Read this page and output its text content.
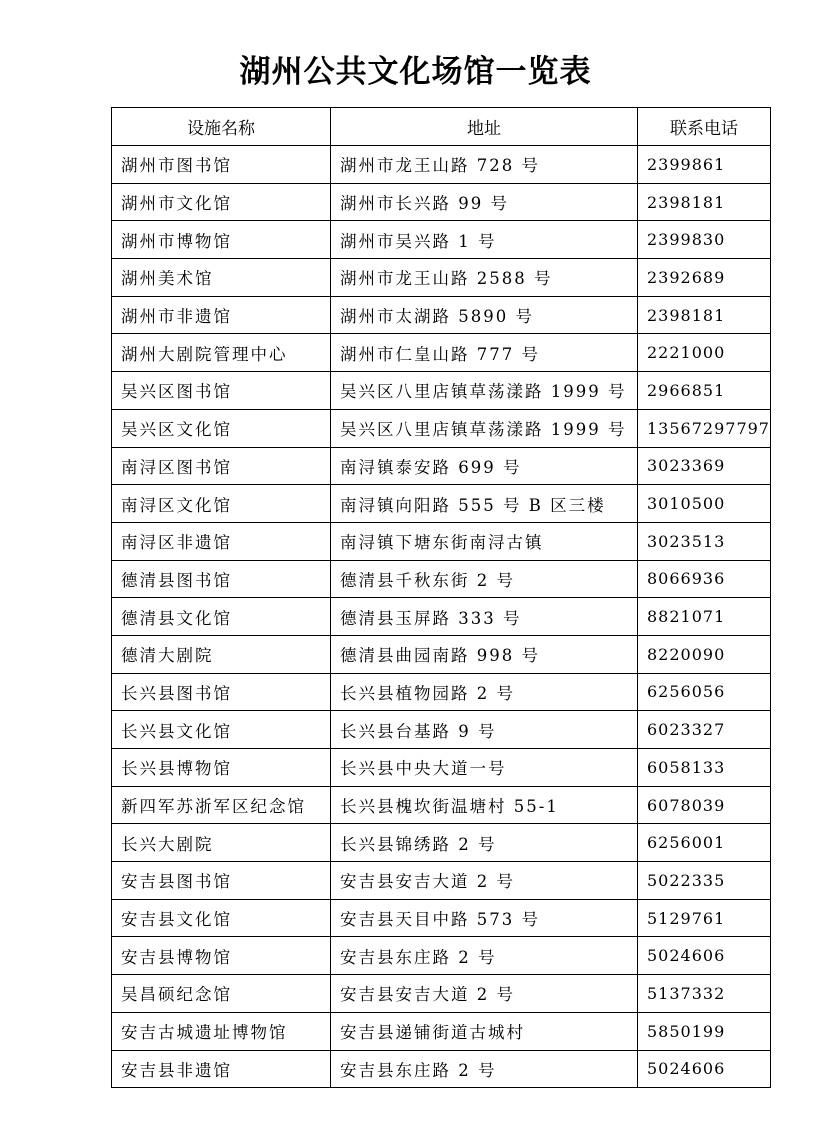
湖州公共文化场馆一览表
设施名称	地址	联系电话
湖州市图书馆	湖州市龙王山路 728 号	2399861
湖州市文化馆	湖州市长兴路 99 号	2398181
湖州市博物馆	湖州市吴兴路 1 号	2399830
湖州美术馆	湖州市龙王山路 2588 号	2392689
湖州市非遗馆	湖州市太湖路 5890 号	2398181
湖州大剧院管理中心	湖州市仁皇山路 777 号	2221000
吴兴区图书馆	吴兴区八里店镇草荡漾路 1999 号	2966851
吴兴区文化馆	吴兴区八里店镇草荡漾路 1999 号	13567297797
南浔区图书馆	南浔镇泰安路 699 号	3023369
南浔区文化馆	南浔镇向阳路 555 号 B 区三楼	3010500
南浔区非遗馆	南浔镇下塘东街南浔古镇	3023513
德清县图书馆	德清县千秋东街 2 号	8066936
德清县文化馆	德清县玉屏路 333 号	8821071
德清大剧院	德清县曲园南路 998 号	8220090
长兴县图书馆	长兴县植物园路 2 号	6256056
长兴县文化馆	长兴县台基路 9 号	6023327
长兴县博物馆	长兴县中央大道一号	6058133
新四军苏浙军区纪念馆	长兴县槐坎街温塘村 55-1	6078039
长兴大剧院	长兴县锦绣路 2 号	6256001
安吉县图书馆	安吉县安吉大道 2 号	5022335
安吉县文化馆	安吉县天目中路 573 号	5129761
安吉县博物馆	安吉县东庄路 2 号	5024606
吴昌硕纪念馆	安吉县安吉大道 2 号	5137332
安吉古城遗址博物馆	安吉县递铺街道古城村	5850199
安吉县非遗馆	安吉县东庄路 2 号	5024606
